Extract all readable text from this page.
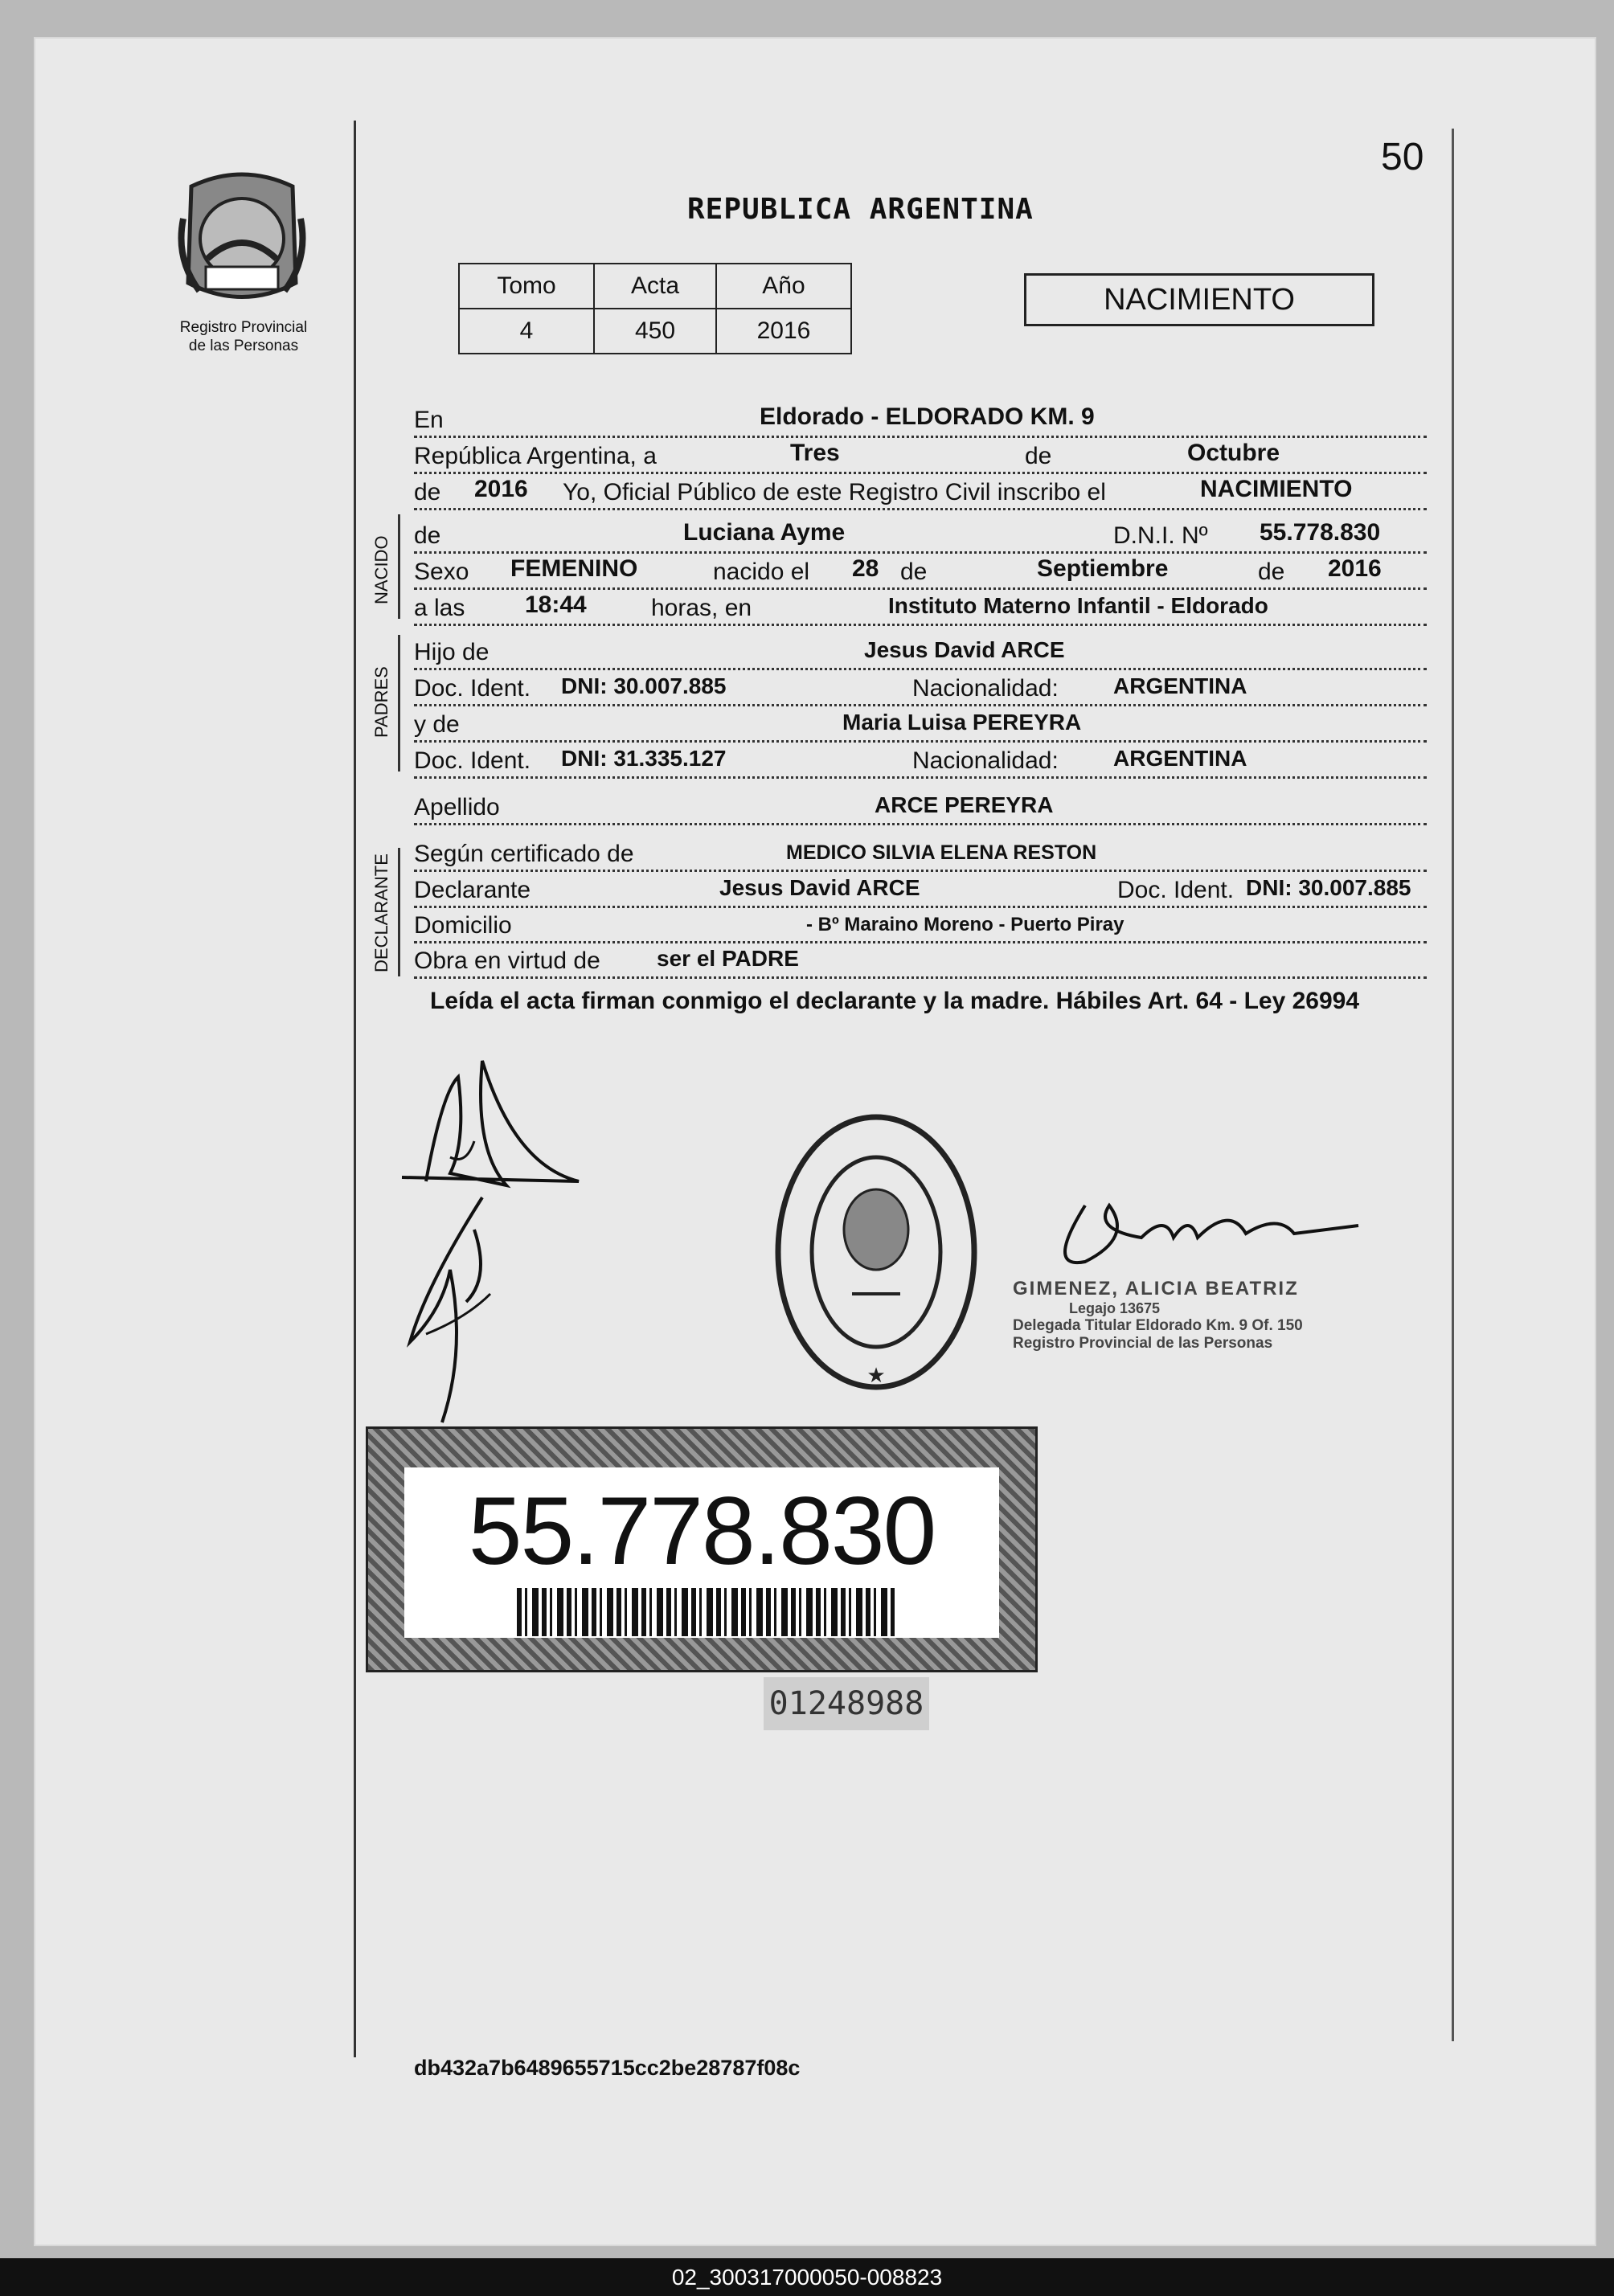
50
REPUBLICA ARGENTINA
Registro Provincial
de las Personas
Tomo	Acta	Año
4	450	2016
NACIMIENTO
En	Eldorado - ELDORADO KM. 9
República Argentina, a	Tres	de	Octubre
de 2016 Yo, Oficial Público de este Registro Civil inscribo el	NACIMIENTO
NACIDO de	Luciana Ayme	D.N.I. Nº 55.778.830
Sexo FEMENINO	nacido el 28 de	Septiembre	de 2016
a las 18:44	horas, en	Instituto Materno Infantil - Eldorado
PADRES
Hijo de	Jesus David ARCE
Doc. Ident. DNI: 30.007.885	Nacionalidad: ARGENTINA
y de	Maria Luisa PEREYRA
Doc. Ident. DNI: 31.335.127	Nacionalidad: ARGENTINA
Apellido	ARCE PEREYRA
DECLARANTE Según certificado de	MEDICO SILVIA ELENA RESTON
Declarante	Jesus David ARCE	Doc. Ident. DNI: 30.007.885
Domicilio	- Bº Maraino Moreno - Puerto Piray
Obra en virtud de	ser el PADRE
Leída el acta firman conmigo el declarante y la madre. Hábiles Art. 64 - Ley 26994
★
GIMENEZ, ALICIA BEATRIZ
Legajo 13675
Delegada Titular Eldorado Km. 9 Of. 150
Registro Provincial de las Personas
55.778.830
01248988
db432a7b6489655715cc2be28787f08c
02_300317000050-008823
